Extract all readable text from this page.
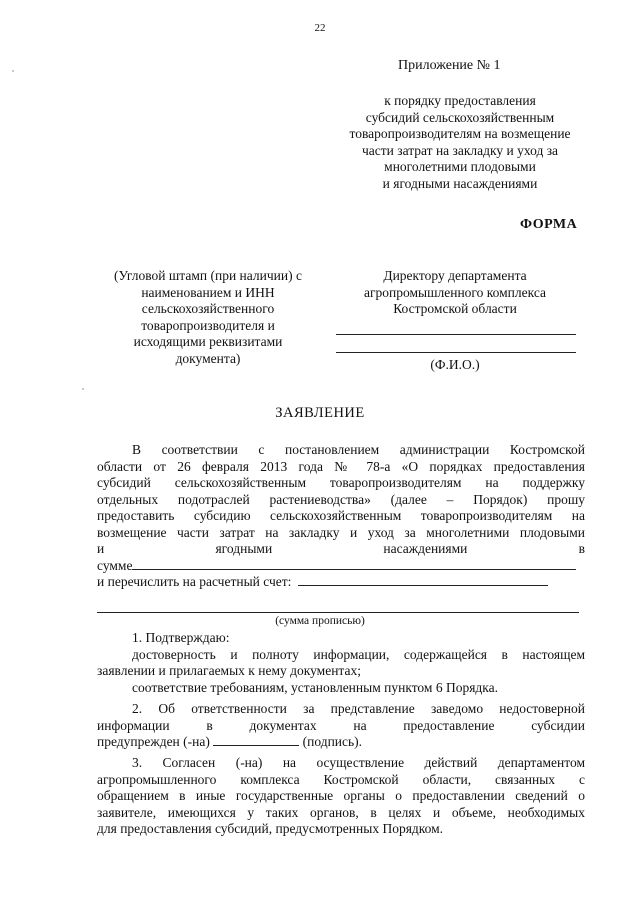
22
Приложение № 1
к порядку предоставления
субсидий сельскохозяйственным
товаропроизводителям на возмещение
части затрат на закладку и уход за
многолетними плодовыми
и ягодными насаждениями
ФОРМА
(Угловой штамп (при наличии) с
наименованием и ИНН
сельскохозяйственного
товаропроизводителя и
исходящими реквизитами
документа)
Директору департамента
агропромышленного комплекса
Костромской области
(Ф.И.О.)
ЗАЯВЛЕНИЕ
В соответствии с постановлением администрации Костромской
области от 26 февраля 2013 года № 78-а «О порядках предоставления
субсидий сельскохозяйственным товаропроизводителям на поддержку
отдельных подотраслей растениеводства» (далее – Порядок) прошу
предоставить субсидию сельскохозяйственным товаропроизводителям на
возмещение части затрат на закладку и уход за многолетними плодовыми
и ягодными насаждениями в
сумме
и перечислить на расчетный счет:
(сумма прописью)
1. Подтверждаю:
достоверность и полноту информации, содержащейся в настоящем
заявлении и прилагаемых к нему документах;
соответствие требованиям, установленным пунктом 6 Порядка.
2. Об ответственности за представление заведомо недостоверной
информации в документах на предоставление субсидии
предупрежден (-на)	(подпись).
3. Согласен (-на) на осуществление действий департаментом
агропромышленного комплекса Костромской области, связанных с
обращением в иные государственные органы о предоставлении сведений о
заявителе, имеющихся у таких органов, в целях и объеме, необходимых
для предоставления субсидий, предусмотренных Порядком.
